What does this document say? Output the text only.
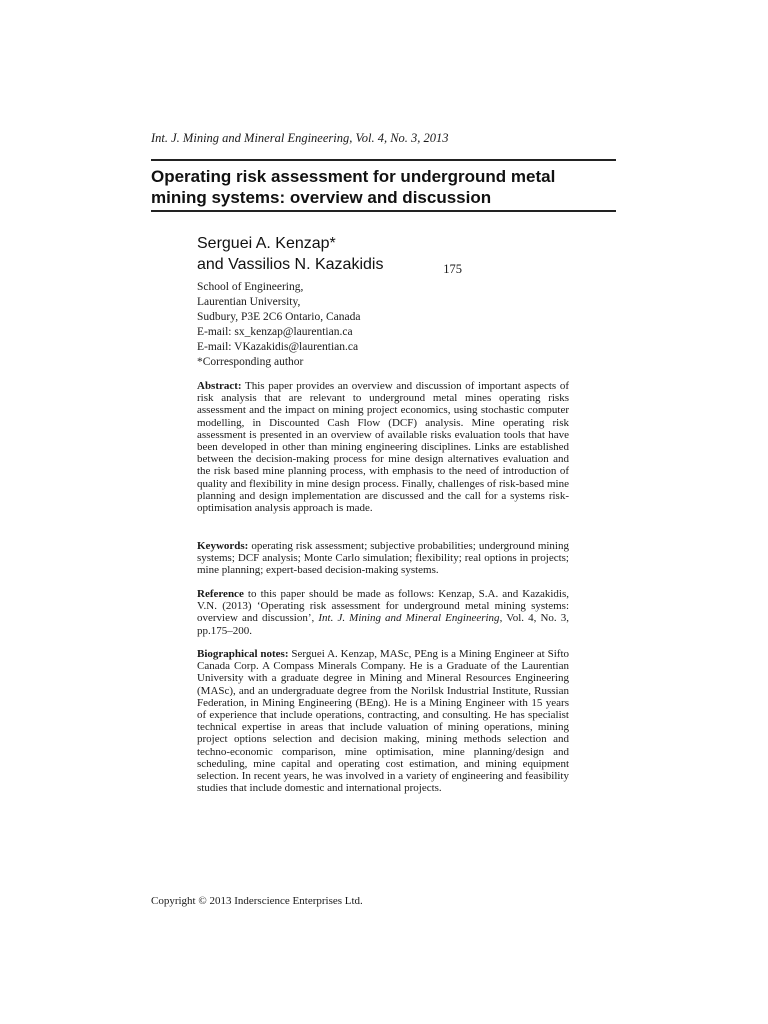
Int. J. Mining and Mineral Engineering, Vol. 4, No. 3, 2013
175
Operating risk assessment for underground metal
mining systems: overview and discussion
Serguei A. Kenzap*
and Vassilios N. Kazakidis
School of Engineering,
Laurentian University,
Sudbury, P3E 2C6 Ontario, Canada
E-mail: sx_kenzap@laurentian.ca
E-mail: VKazakidis@laurentian.ca
*Corresponding author
Abstract: This paper provides an overview and discussion of important aspects of risk analysis that are relevant to underground metal mines operating risks assessment and the impact on mining project economics, using stochastic computer modelling, in Discounted Cash Flow (DCF) analysis. Mine operating risk assessment is presented in an overview of available risks evaluation tools that have been developed in other than mining engineering disciplines. Links are established between the decision-making process for mine design alternatives evaluation and the risk based mine planning process, with emphasis to the need of introduction of quality and flexibility in mine design process. Finally, challenges of risk-based mine planning and design implementation are discussed and the call for a systems risk-optimisation analysis approach is made.
Keywords: operating risk assessment; subjective probabilities; underground mining systems; DCF analysis; Monte Carlo simulation; flexibility; real options in projects; mine planning; expert-based decision-making systems.
Reference to this paper should be made as follows: Kenzap, S.A. and Kazakidis, V.N. (2013) ‘Operating risk assessment for underground metal mining systems: overview and discussion’, Int. J. Mining and Mineral Engineering, Vol. 4, No. 3, pp.175–200.
Biographical notes: Serguei A. Kenzap, MASc, PEng is a Mining Engineer at Sifto Canada Corp. A Compass Minerals Company. He is a Graduate of the Laurentian University with a graduate degree in Mining and Mineral Resources Engineering (MASc), and an undergraduate degree from the Norilsk Industrial Institute, Russian Federation, in Mining Engineering (BEng). He is a Mining Engineer with 15 years of experience that include operations, contracting, and consulting. He has specialist technical expertise in areas that include valuation of mining operations, mining project options selection and decision making, mining methods selection and techno-economic comparison, mine optimisation, mine planning/design and scheduling, mine capital and operating cost estimation, and mining equipment selection. In recent years, he was involved in a variety of engineering and feasibility studies that include domestic and international projects.
Copyright © 2013 Inderscience Enterprises Ltd.
